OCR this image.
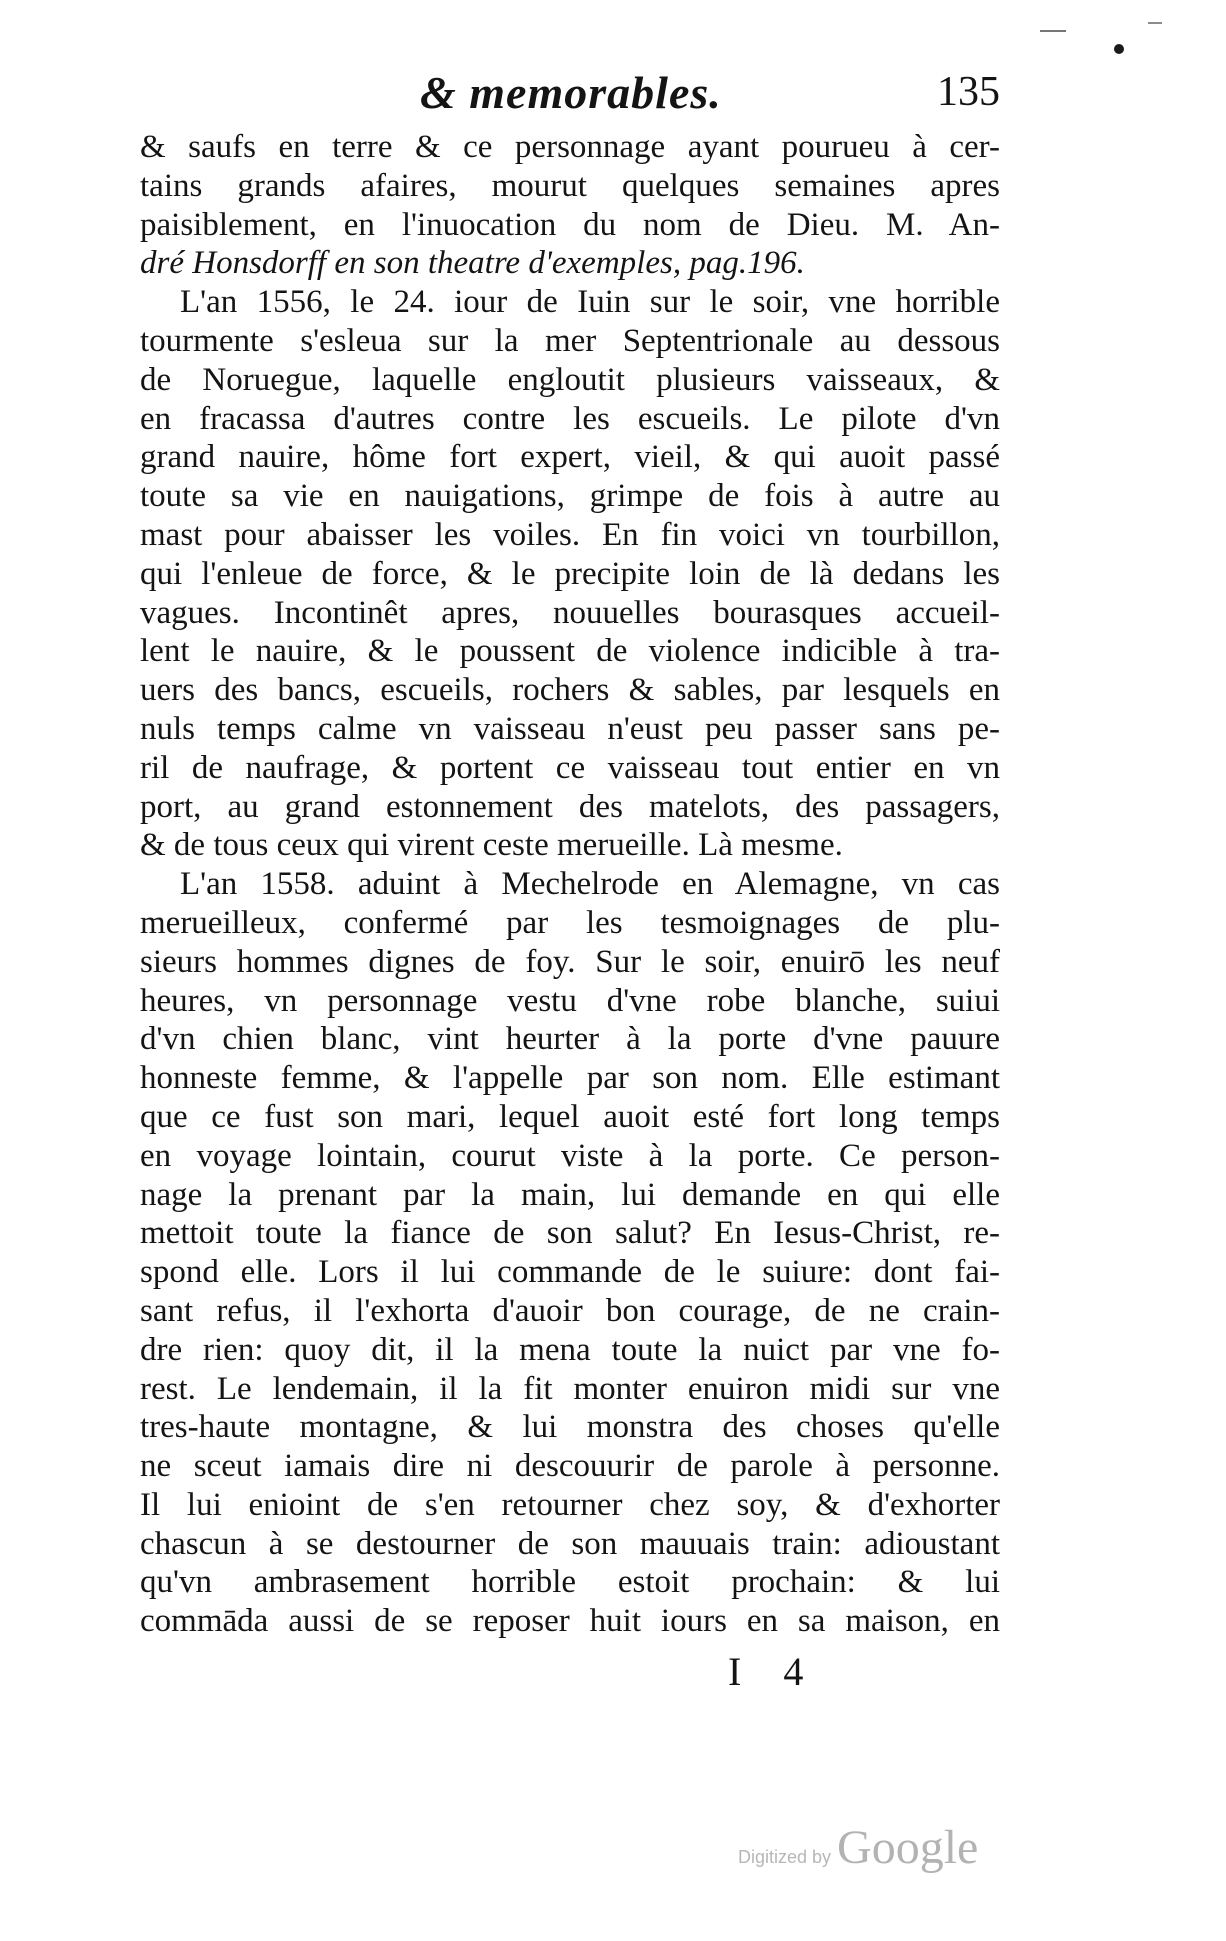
& memorables.	135
& saufs en terre & ce personnage ayant pourueu à cer-
tains grands afaires, mourut quelques semaines apres
paisiblement, en l'inuocation du nom de Dieu. M. An-
dré Honsdorff en son theatre d'exemples, pag.196.
L'an 1556, le 24. iour de Iuin sur le soir, vne horrible
tourmente s'esleua sur la mer Septentrionale au dessous
de Noruegue, laquelle engloutit plusieurs vaisseaux, &
en fracassa d'autres contre les escueils. Le pilote d'vn
grand nauire, hôme fort expert, vieil, & qui auoit passé
toute sa vie en nauigations, grimpe de fois à autre au
mast pour abaisser les voiles. En fin voici vn tourbillon,
qui l'enleue de force, & le precipite loin de là dedans les
vagues. Incontinêt apres, nouuelles bourasques accueil-
lent le nauire, & le poussent de violence indicible à tra-
uers des bancs, escueils, rochers & sables, par lesquels en
nuls temps calme vn vaisseau n'eust peu passer sans pe-
ril de naufrage, & portent ce vaisseau tout entier en vn
port, au grand estonnement des matelots, des passagers,
& de tous ceux qui virent ceste merueille. Là mesme.
L'an 1558. aduint à Mechelrode en Alemagne, vn cas
merueilleux, confermé par les tesmoignages de plu-
sieurs hommes dignes de foy. Sur le soir, enuirō les neuf
heures, vn personnage vestu d'vne robe blanche, suiui
d'vn chien blanc, vint heurter à la porte d'vne pauure
honneste femme, & l'appelle par son nom. Elle estimant
que ce fust son mari, lequel auoit esté fort long temps
en voyage lointain, courut viste à la porte. Ce person-
nage la prenant par la main, lui demande en qui elle
mettoit toute la fiance de son salut? En Iesus-Christ, re-
spond elle. Lors il lui commande de le suiure: dont fai-
sant refus, il l'exhorta d'auoir bon courage, de ne crain-
dre rien: quoy dit, il la mena toute la nuict par vne fo-
rest. Le lendemain, il la fit monter enuiron midi sur vne
tres-haute montagne, & lui monstra des choses qu'elle
ne sceut iamais dire ni descouurir de parole à personne.
Il lui enioint de s'en retourner chez soy, & d'exhorter
chascun à se destourner de son mauuais train: adioustant
qu'vn ambrasement horrible estoit prochain: & lui
commāda aussi de se reposer huit iours en sa maison, en
I 4
Digitized by Google
